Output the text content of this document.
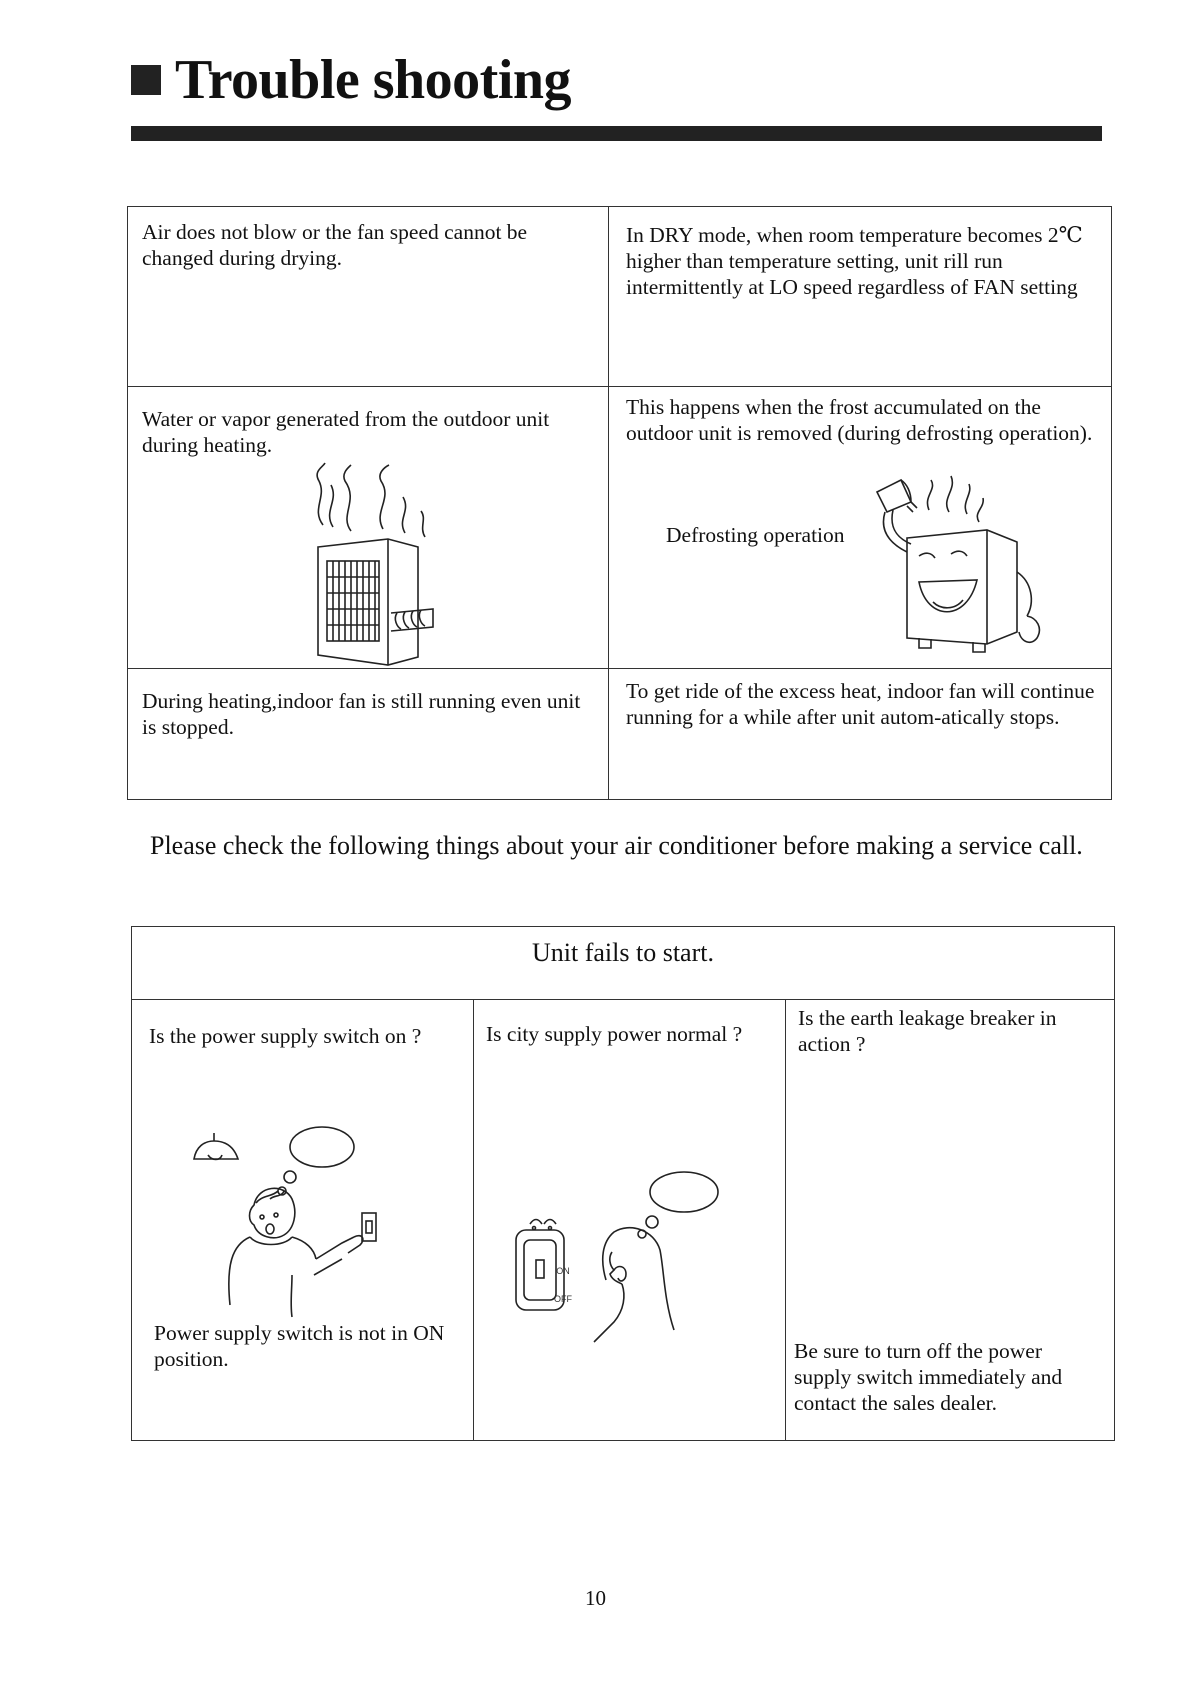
Trouble shooting
Air does not blow or the fan speed cannot be changed during drying.	In DRY mode, when room temperature becomes 2℃ higher than temperature setting, unit rill run intermittently at LO speed regardless of FAN setting

Water or vapor generated from the outdoor unit during heating.	This happens when the frost accumulated on the outdoor unit is removed (during defrosting operation).
Defrosting operation

During heating,indoor fan is still running even unit is stopped.	To get ride of the excess heat, indoor fan will continue running for a while after unit autom-atically stops.
Please check the following things about your air conditioner before making a service call.
Unit fails to start.

Is the power supply switch on ?
Power supply switch is not in ON position.

Is city supply power normal ?
ON
OFF

Is the earth leakage breaker in action ?
Be sure to turn off the power supply switch immediately and contact the sales dealer.
10
